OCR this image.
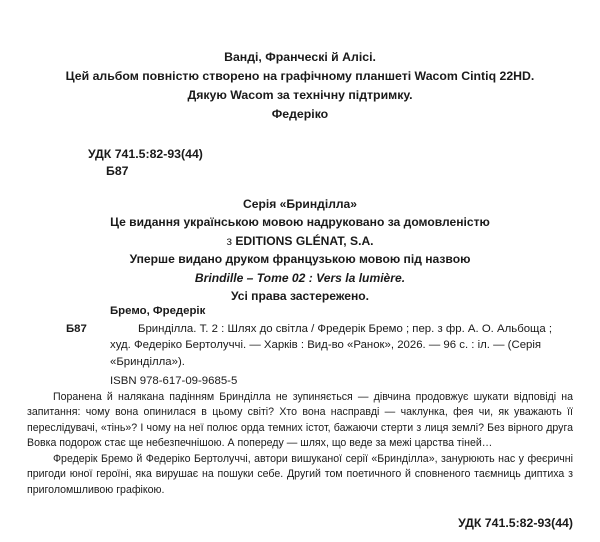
Ванді, Франческі й Алісі.
Цей альбом повністю створено на графічному планшеті Wacom Cintiq 22HD.
Дякую Wacom за технічну підтримку.
Федеріко
УДК 741.5:82-93(44)
Б87
Серія «Бринділла»
Це видання українською мовою надруковано за домовленістю
з EDITIONS GLÉNAT, S.A.
Уперше видано друком французькою мовою під назвою
Brindille – Tome 02 : Vers la lumière.
Усі права застережено.
Бремо, Фредерік
Б87	Бринділла. Т. 2 : Шлях до світла / Фредерік Бремо ; пер. з фр. А. О. Альбоща ; худ. Федеріко Бертолуччі. — Харків : Вид-во «Ранок», 2026. — 96 с. : іл. — (Серія «Бринділла»).
ISBN 978-617-09-9685-5

Поранена й налякана падінням Бринділла не зупиняється — дівчина продовжує шукати відповіді на запитання: чому вона опинилася в цьому світі? Хто вона насправді — чаклунка, фея чи, як уважають її переслідувачі, «тінь»? І чому на неї полює орда темних істот, бажаючи стерти з лиця землі? Без вірного друга Вовка подорож стає ще небезпечнішою. А попереду — шлях, що веде за межі царства тіней…

Фредерік Бремо й Федеріко Бертолуччі, автори вишуканої серії «Бринділла», занурюють нас у феєричні пригоди юної героїні, яка вирушає на пошуки себе. Другий том поетичного й сповненого таємниць диптиха з приголомшливою графікою.

УДК 741.5:82-93(44)
